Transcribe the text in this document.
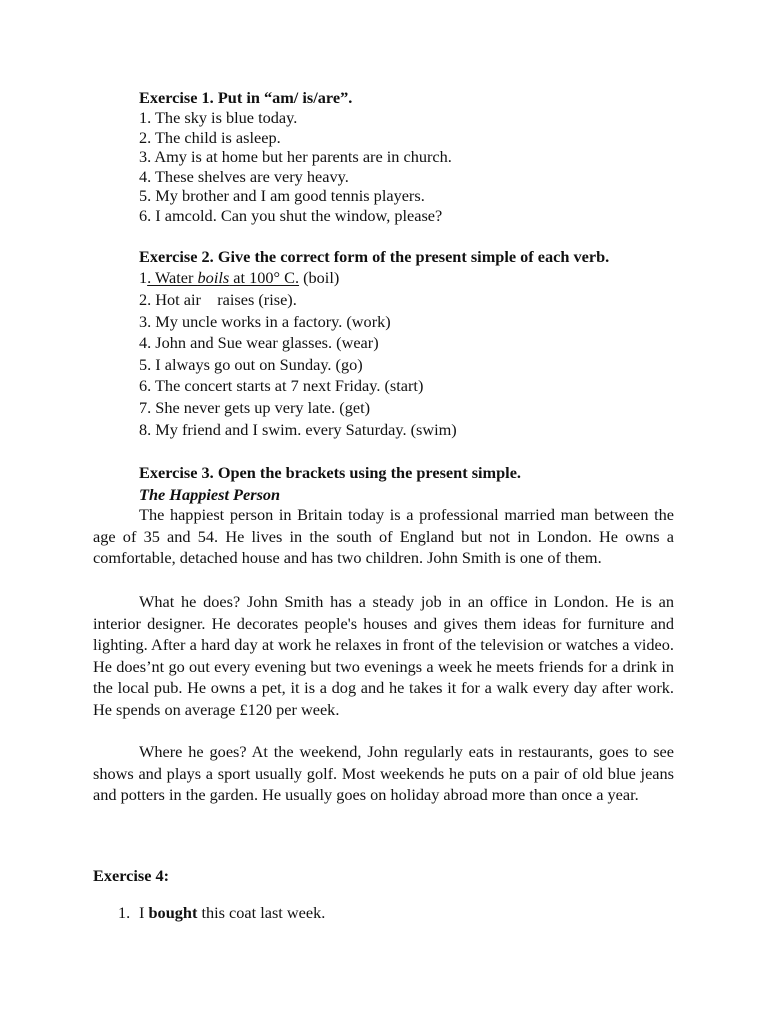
Exercise 1. Put in “am/ is/are”.
1. The sky is blue today.
2. The child is asleep.
3. Amy is at home but her parents are in church.
4. These shelves are very heavy.
5. My brother and I am good tennis players.
6. I amcold. Can you shut the window, please?
Exercise 2. Give the correct form of the present simple of each verb.
1. Water boils at 100° C. (boil)
2. Hot air    raises (rise).
3. My uncle works in a factory. (work)
4. John and Sue wear glasses. (wear)
5. I always go out on Sunday. (go)
6. The concert starts at 7 next Friday. (start)
7. She never gets up very late. (get)
8. My friend and I swim. every Saturday. (swim)
Exercise 3. Open the brackets using the present simple.
The Happiest Person
The happiest person in Britain today is a professional married man between the age of 35 and 54. He lives in the south of England but not in London. He owns a comfortable, detached house and has two children. John Smith is one of them.
What he does? John Smith has a steady job in an office in London. He is an interior designer. He decorates people's houses and gives them ideas for furniture and lighting. After a hard day at work he relaxes in front of the television or watches a video. He does’nt go out every evening but two evenings a week he meets friends for a drink in the local pub. He owns a pet, it is a dog and he takes it for a walk every day after work. He spends on average £120 per week.
Where he goes? At the weekend, John regularly eats in restaurants, goes to see shows and plays a sport usually golf. Most weekends he puts on a pair of old blue jeans and potters in the garden. He usually goes on holiday abroad more than once a year.
Exercise 4:
1. I bought this coat last week.
